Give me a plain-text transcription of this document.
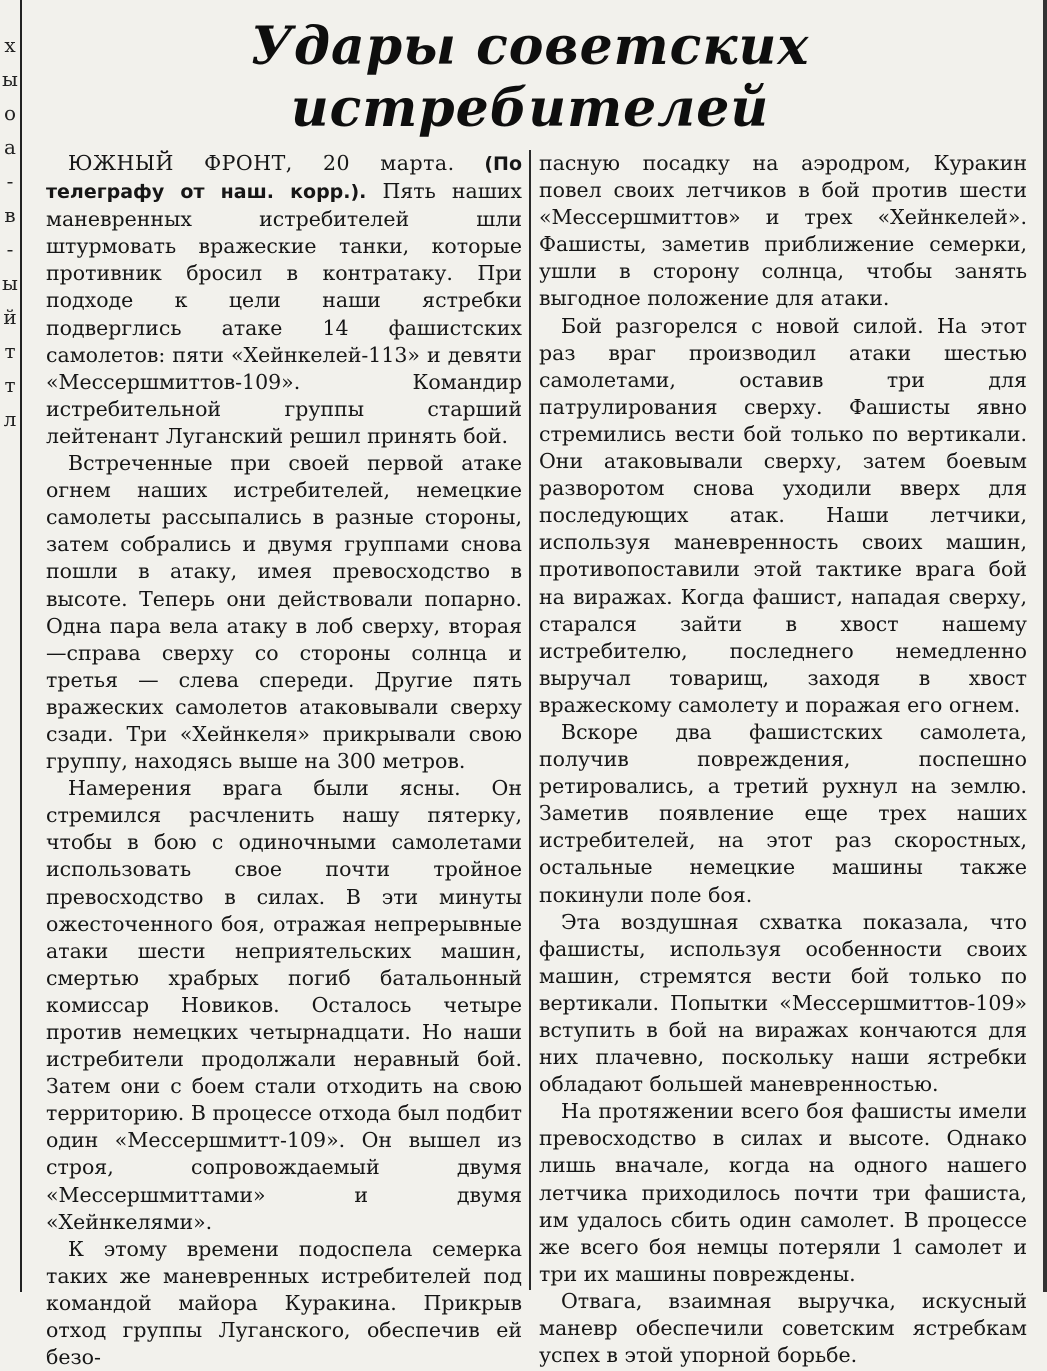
х
ы
о
а
-
в
-
ы
й
т
т
л
Удары советских
истребителей

ЮЖНЫЙ ФРОНТ, 20 марта. (По телеграфу от наш. корр.). Пять наших маневренных истребителей шли штурмовать вражеские танки, которые противник бросил в контратаку. При подходе к цели наши ястребки подверглись атаке 14 фашистских самолетов: пяти «Хейнкелей-113» и девяти «Мессершмиттов-109». Командир истребительной группы старший лейтенант Луганский решил принять бой.

Встреченные при своей первой атаке огнем наших истребителей, немецкие самолеты рассыпались в разные стороны, затем собрались и двумя группами снова пошли в атаку, имея превосходство в высоте. Теперь они действовали попарно. Одна пара вела атаку в лоб сверху, вторая—справа сверху со стороны солнца и третья — слева спереди. Другие пять вражеских самолетов атаковывали сверху сзади. Три «Хейнкеля» прикрывали свою группу, находясь выше на 300 метров.

Намерения врага были ясны. Он стремился расчленить нашу пятерку, чтобы в бою с одиночными самолетами использовать свое почти тройное превосходство в силах. В эти минуты ожесточенного боя, отражая непрерывные атаки шести неприятельских машин, смертью храбрых погиб батальонный комиссар Новиков. Осталось четыре против немецких четырнадцати. Но наши истребители продолжали неравный бой. Затем они с боем стали отходить на свою территорию. В процессе отхода был подбит один «Мессершмитт-109». Он вышел из строя, сопровождаемый двумя «Мессершмиттами» и двумя «Хейнкелями».

К этому времени подоспела семерка таких же маневренных истребителей под командой майора Куракина. Прикрыв отход группы Луганского, обеспечив ей безо-

пасную посадку на аэродром, Куракин повел своих летчиков в бой против шести «Мессершмиттов» и трех «Хейнкелей». Фашисты, заметив приближение семерки, ушли в сторону солнца, чтобы занять выгодное положение для атаки.

Бой разгорелся с новой силой. На этот раз враг производил атаки шестью самолетами, оставив три для патрулирования сверху. Фашисты явно стремились вести бой только по вертикали. Они атаковывали сверху, затем боевым разворотом снова уходили вверх для последующих атак. Наши летчики, используя маневренность своих машин, противопоставили этой тактике врага бой на виражах. Когда фашист, нападая сверху, старался зайти в хвост нашему истребителю, последнего немедленно выручал товарищ, заходя в хвост вражескому самолету и поражая его огнем.

Вскоре два фашистских самолета, получив повреждения, поспешно ретировались, а третий рухнул на землю. Заметив появление еще трех наших истребителей, на этот раз скоростных, остальные немецкие машины также покинули поле боя.

Эта воздушная схватка показала, что фашисты, используя особенности своих машин, стремятся вести бой только по вертикали. Попытки «Мессершмиттов-109» вступить в бой на виражах кончаются для них плачевно, поскольку наши ястребки обладают большей маневренностью.

На протяжении всего боя фашисты имели превосходство в силах и высоте. Однако лишь вначале, когда на одного нашего летчика приходилось почти три фашиста, им удалось сбить один самолет. В процессе же всего боя немцы потеряли 1 самолет и три их машины повреждены.

Отвага, взаимная выручка, искусный маневр обеспечили советским ястребкам успех в этой упорной борьбе.
